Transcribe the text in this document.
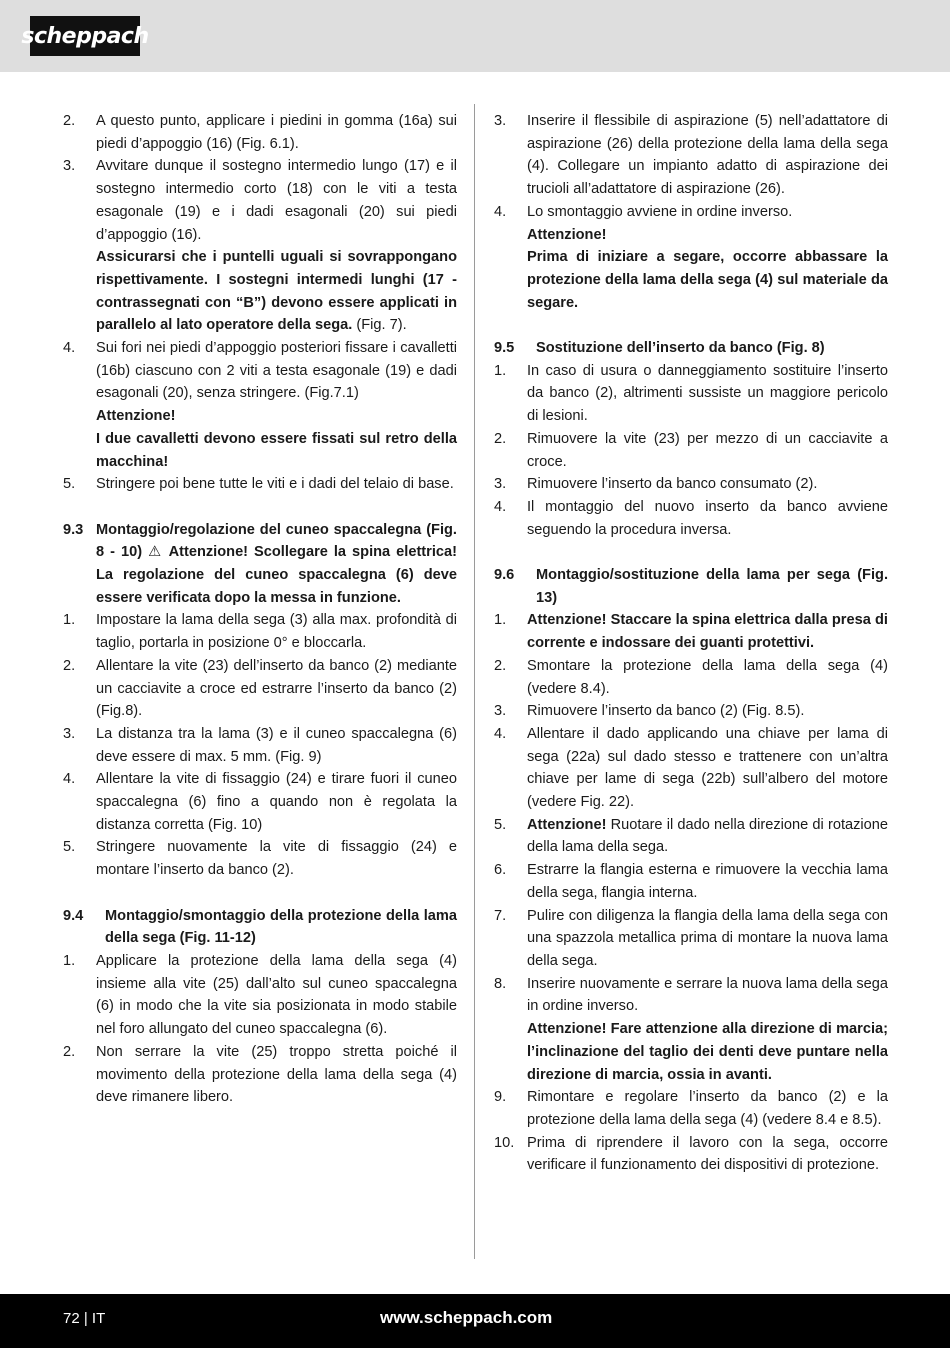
scheppach
2.	A questo punto, applicare i piedini in gomma (16a) sui piedi d’appoggio (16) (Fig. 6.1).
3.	Avvitare dunque il sostegno intermedio lungo (17) e il sostegno intermedio corto (18) con le viti a testa esagonale (19) e i dadi esagonali (20) sui piedi d’appoggio (16).
Assicurarsi che i puntelli uguali si sovrappongano rispettivamente. I sostegni intermedi lunghi (17 - contrassegnati con “B”) devono essere applicati in parallelo al lato operatore della sega. (Fig. 7).
4.	Sui fori nei piedi d’appoggio posteriori fissare i cavalletti (16b) ciascuno con 2 viti a testa esagonale (19) e dadi esagonali (20), senza stringere. (Fig.7.1)
Attenzione!
I due cavalletti devono essere fissati sul retro della macchina!
5.	Stringere poi bene tutte le viti e i dadi del telaio di base.
9.3 Montaggio/regolazione del cuneo spaccalegna (Fig. 8 - 10) ⚠ Attenzione! Scollegare la spina elettrica! La regolazione del cuneo spaccalegna (6) deve essere verificata dopo la messa in funzione.
1.	Impostare la lama della sega (3) alla max. profondità di taglio, portarla in posizione 0° e bloccarla.
2.	Allentare la vite (23) dell’inserto da banco (2) mediante un cacciavite a croce ed estrarre l’inserto da banco (2) (Fig.8).
3.	La distanza tra la lama (3) e il cuneo spaccalegna (6) deve essere di max. 5 mm. (Fig. 9)
4.	Allentare la vite di fissaggio (24) e tirare fuori il cuneo spaccalegna (6) fino a quando non è regolata la distanza corretta (Fig. 10)
5.	Stringere nuovamente la vite di fissaggio (24) e montare l’inserto da banco (2).
9.4	Montaggio/smontaggio della protezione della lama della sega (Fig. 11-12)
1.	Applicare la protezione della lama della sega (4) insieme alla vite (25) dall’alto sul cuneo spaccalegna (6) in modo che la vite sia posizionata in modo stabile nel foro allungato del cuneo spaccalegna (6).
2.	Non serrare la vite (25) troppo stretta poiché il movimento della protezione della lama della sega (4) deve rimanere libero.
3.	Inserire il flessibile di aspirazione (5) nell’adattatore di aspirazione (26) della protezione della lama della sega (4). Collegare un impianto adatto di aspirazione dei trucioli all’adattatore di aspirazione (26).
4.	Lo smontaggio avviene in ordine inverso.
Attenzione!
Prima di iniziare a segare, occorre abbassare la protezione della lama della sega (4) sul materiale da segare.
9.5	Sostituzione dell’inserto da banco (Fig. 8)
1.	In caso di usura o danneggiamento sostituire l’inserto da banco (2), altrimenti sussiste un maggiore pericolo di lesioni.
2.	Rimuovere la vite (23) per mezzo di un cacciavite a croce.
3.	Rimuovere l’inserto da banco consumato (2).
4.	Il montaggio del nuovo inserto da banco avviene seguendo la procedura inversa.
9.6	Montaggio/sostituzione della lama per sega (Fig. 13)
1.	Attenzione! Staccare la spina elettrica dalla presa di corrente e indossare dei guanti protettivi.
2.	Smontare la protezione della lama della sega (4) (vedere 8.4).
3.	Rimuovere l’inserto da banco (2) (Fig. 8.5).
4.	Allentare il dado applicando una chiave per lama di sega (22a) sul dado stesso e trattenere con un’altra chiave per lame di sega (22b) sull’albero del motore (vedere Fig. 22).
5.	Attenzione! Ruotare il dado nella direzione di rotazione della lama della sega.
6.	Estrarre la flangia esterna e rimuovere la vecchia lama della sega, flangia interna.
7.	Pulire con diligenza la flangia della lama della sega con una spazzola metallica prima di montare la nuova lama della sega.
8.	Inserire nuovamente e serrare la nuova lama della sega in ordine inverso.
Attenzione! Fare attenzione alla direzione di marcia; l’inclinazione del taglio dei denti deve puntare nella direzione di marcia, ossia in avanti.
9.	Rimontare e regolare l’inserto da banco (2) e la protezione della lama della sega (4) (vedere 8.4 e 8.5).
10. Prima di riprendere il lavoro con la sega, occorre verificare il funzionamento dei dispositivi di protezione.
72 | IT	www.scheppach.com
